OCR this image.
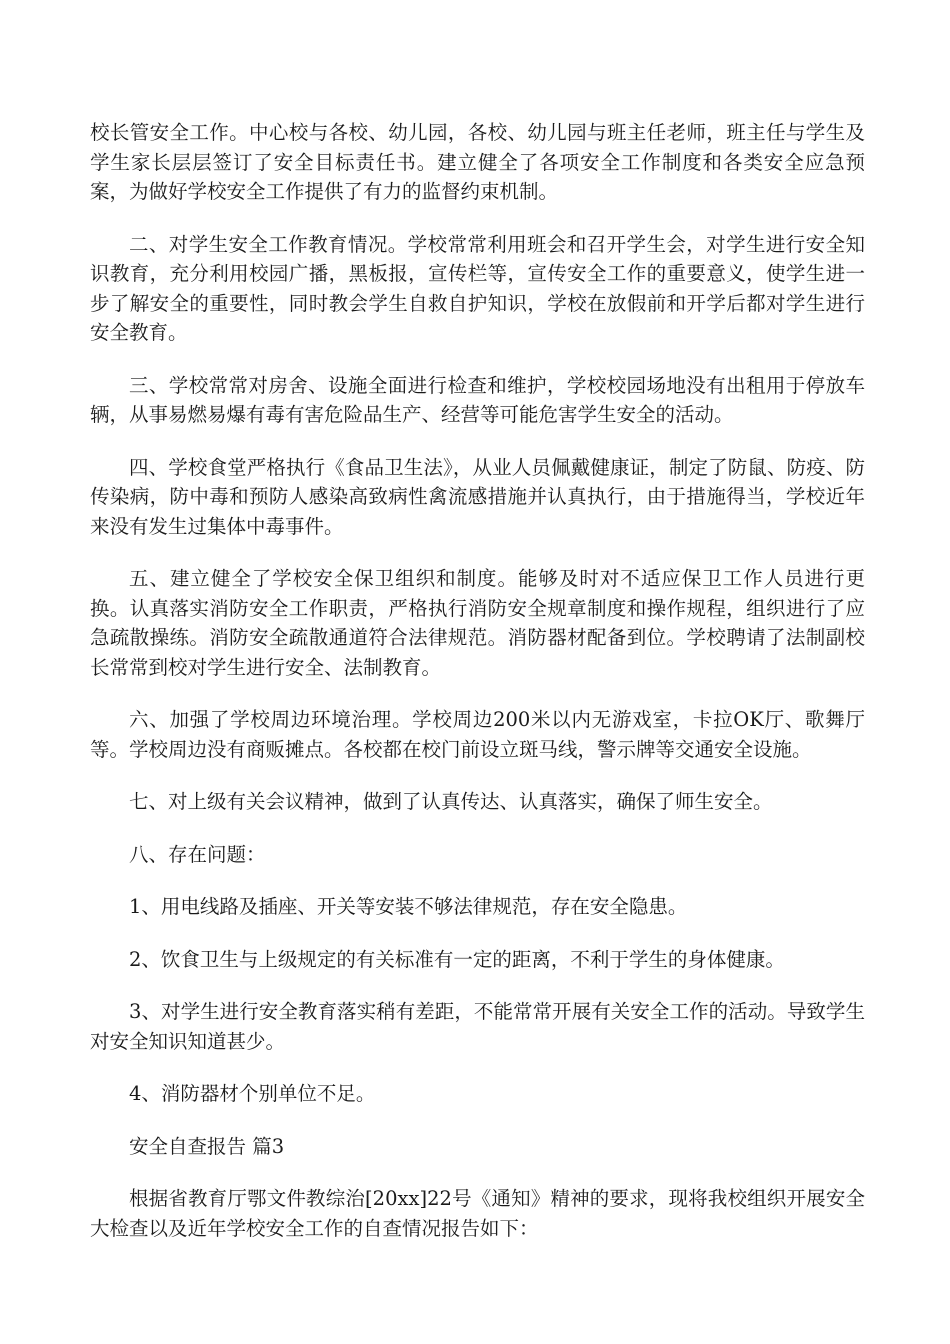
校长管安全工作。中心校与各校、幼儿园，各校、幼儿园与班主任老师，班主任与学生及学生家长层层签订了安全目标责任书。建立健全了各项安全工作制度和各类安全应急预案，为做好学校安全工作提供了有力的监督约束机制。

二、对学生安全工作教育情况。学校常常利用班会和召开学生会，对学生进行安全知识教育，充分利用校园广播，黑板报，宣传栏等，宣传安全工作的重要意义，使学生进一步了解安全的重要性，同时教会学生自救自护知识，学校在放假前和开学后都对学生进行安全教育。

三、学校常常对房舍、设施全面进行检查和维护，学校校园场地没有出租用于停放车辆，从事易燃易爆有毒有害危险品生产、经营等可能危害学生安全的活动。

四、学校食堂严格执行《食品卫生法》，从业人员佩戴健康证，制定了防鼠、防疫、防传染病，防中毒和预防人感染高致病性禽流感措施并认真执行，由于措施得当，学校近年来没有发生过集体中毒事件。

五、建立健全了学校安全保卫组织和制度。能够及时对不适应保卫工作人员进行更换。认真落实消防安全工作职责，严格执行消防安全规章制度和操作规程，组织进行了应急疏散操练。消防安全疏散通道符合法律规范。消防器材配备到位。学校聘请了法制副校长常常到校对学生进行安全、法制教育。

六、加强了学校周边环境治理。学校周边200米以内无游戏室，卡拉OK厅、歌舞厅等。学校周边没有商贩摊点。各校都在校门前设立斑马线，警示牌等交通安全设施。

七、对上级有关会议精神，做到了认真传达、认真落实，确保了师生安全。

八、存在问题：

1、用电线路及插座、开关等安装不够法律规范，存在安全隐患。

2、饮食卫生与上级规定的有关标准有一定的距离，不利于学生的身体健康。

3、对学生进行安全教育落实稍有差距，不能常常开展有关安全工作的活动。导致学生对安全知识知道甚少。

4、消防器材个别单位不足。

安全自查报告 篇3

根据省教育厅鄂文件教综治[20xx]22号《通知》精神的要求，现将我校组织开展安全大检查以及近年学校安全工作的自查情况报告如下：
